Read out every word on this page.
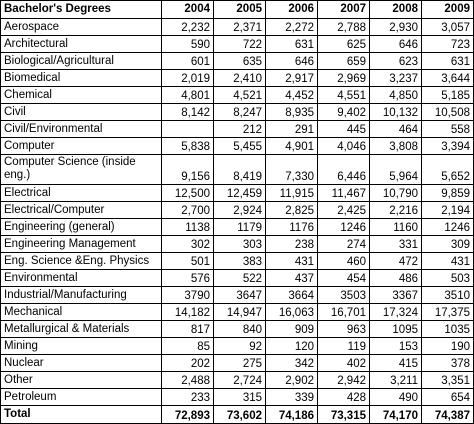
Bachelor's Degrees	2004	2005	2006	2007	2008	2009
Aerospace	2,232	2,371	2,272	2,788	2,930	3,057
Architectural	590	722	631	625	646	723
Biological/Agricultural	601	635	646	659	623	631
Biomedical	2,019	2,410	2,917	2,969	3,237	3,644
Chemical	4,801	4,521	4,452	4,551	4,850	5,185
Civil	8,142	8,247	8,935	9,402	10,132	10,508
Civil/Environmental		212	291	445	464	558
Computer	5,838	5,455	4,901	4,046	3,808	3,394
Computer Science (inside eng.)	9,156	8,419	7,330	6,446	5,964	5,652
Electrical	12,500	12,459	11,915	11,467	10,790	9,859
Electrical/Computer	2,700	2,924	2,825	2,425	2,216	2,194
Engineering (general)	1138	1179	1176	1246	1160	1246
Engineering Management	302	303	238	274	331	309
Eng. Science &Eng. Physics	501	383	431	460	472	431
Environmental	576	522	437	454	486	503
Industrial/Manufacturing	3790	3647	3664	3503	3367	3510
Mechanical	14,182	14,947	16,063	16,701	17,324	17,375
Metallurgical & Materials	817	840	909	963	1095	1035
Mining	85	92	120	119	153	190
Nuclear	202	275	342	402	415	378
Other	2,488	2,724	2,902	2,942	3,211	3,351
Petroleum	233	315	339	428	490	654
Total	72,893	73,602	74,186	73,315	74,170	74,387
